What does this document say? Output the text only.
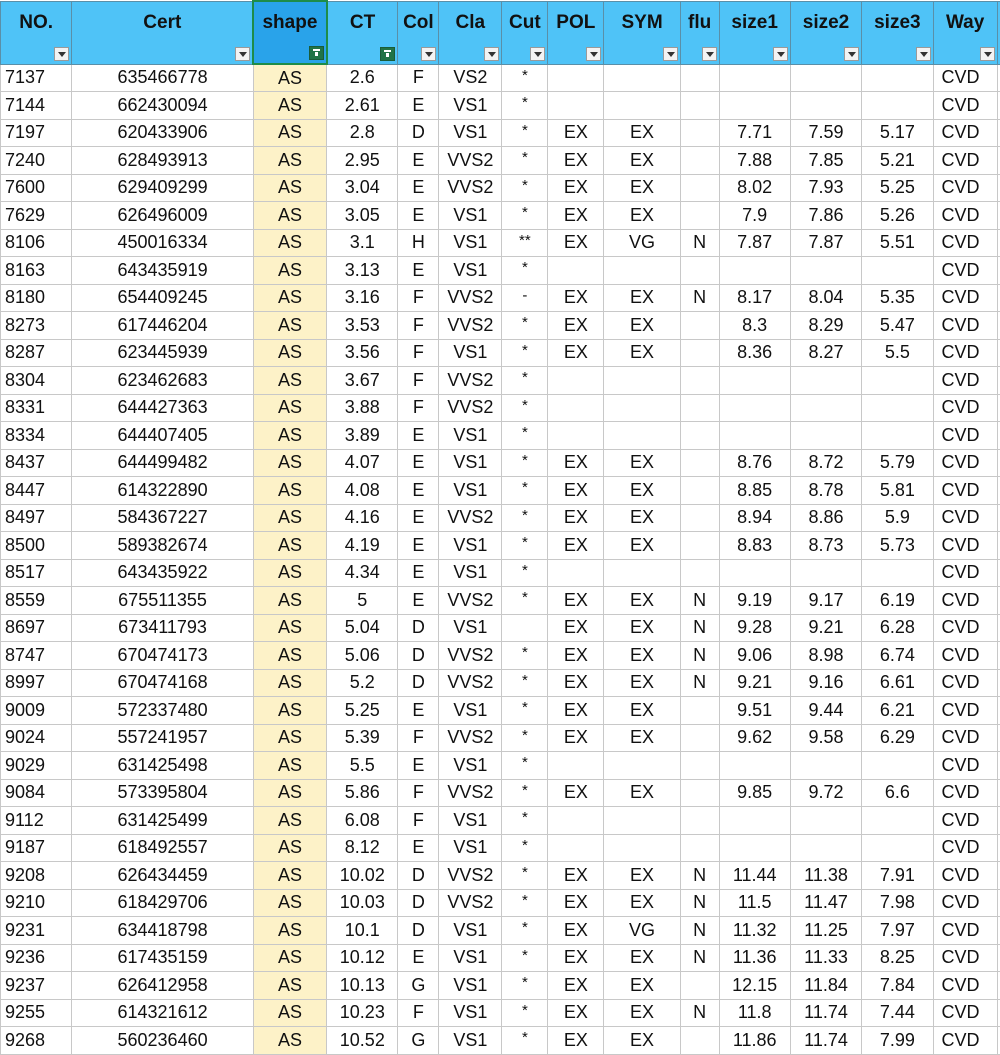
NO.	Cert	shape	CT	Col	Cla	Cut	POL	SYM	flu	size1	size2	size3	Way	

7137	635466778	AS	2.6	F	VS2	*							CVD	
7144	662430094	AS	2.61	E	VS1	*							CVD	
7197	620433906	AS	2.8	D	VS1	*	EX	EX		7.71	7.59	5.17	CVD	
7240	628493913	AS	2.95	E	VVS2	*	EX	EX		7.88	7.85	5.21	CVD	
7600	629409299	AS	3.04	E	VVS2	*	EX	EX		8.02	7.93	5.25	CVD	
7629	626496009	AS	3.05	E	VS1	*	EX	EX		7.9	7.86	5.26	CVD	
8106	450016334	AS	3.1	H	VS1	**	EX	VG	N	7.87	7.87	5.51	CVD	
8163	643435919	AS	3.13	E	VS1	*							CVD	
8180	654409245	AS	3.16	F	VVS2	-	EX	EX	N	8.17	8.04	5.35	CVD	
8273	617446204	AS	3.53	F	VVS2	*	EX	EX		8.3	8.29	5.47	CVD	
8287	623445939	AS	3.56	F	VS1	*	EX	EX		8.36	8.27	5.5	CVD	
8304	623462683	AS	3.67	F	VVS2	*							CVD	
8331	644427363	AS	3.88	F	VVS2	*							CVD	
8334	644407405	AS	3.89	E	VS1	*							CVD	
8437	644499482	AS	4.07	E	VS1	*	EX	EX		8.76	8.72	5.79	CVD	
8447	614322890	AS	4.08	E	VS1	*	EX	EX		8.85	8.78	5.81	CVD	
8497	584367227	AS	4.16	E	VVS2	*	EX	EX		8.94	8.86	5.9	CVD	
8500	589382674	AS	4.19	E	VS1	*	EX	EX		8.83	8.73	5.73	CVD	
8517	643435922	AS	4.34	E	VS1	*							CVD	
8559	675511355	AS	5	E	VVS2	*	EX	EX	N	9.19	9.17	6.19	CVD	
8697	673411793	AS	5.04	D	VS1		EX	EX	N	9.28	9.21	6.28	CVD	
8747	670474173	AS	5.06	D	VVS2	*	EX	EX	N	9.06	8.98	6.74	CVD	
8997	670474168	AS	5.2	D	VVS2	*	EX	EX	N	9.21	9.16	6.61	CVD	
9009	572337480	AS	5.25	E	VS1	*	EX	EX		9.51	9.44	6.21	CVD	
9024	557241957	AS	5.39	F	VVS2	*	EX	EX		9.62	9.58	6.29	CVD	
9029	631425498	AS	5.5	E	VS1	*							CVD	
9084	573395804	AS	5.86	F	VVS2	*	EX	EX		9.85	9.72	6.6	CVD	
9112	631425499	AS	6.08	F	VS1	*							CVD	
9187	618492557	AS	8.12	E	VS1	*							CVD	
9208	626434459	AS	10.02	D	VVS2	*	EX	EX	N	11.44	11.38	7.91	CVD	
9210	618429706	AS	10.03	D	VVS2	*	EX	EX	N	11.5	11.47	7.98	CVD	
9231	634418798	AS	10.1	D	VS1	*	EX	VG	N	11.32	11.25	7.97	CVD	
9236	617435159	AS	10.12	E	VS1	*	EX	EX	N	11.36	11.33	8.25	CVD	
9237	626412958	AS	10.13	G	VS1	*	EX	EX		12.15	11.84	7.84	CVD	
9255	614321612	AS	10.23	F	VS1	*	EX	EX	N	11.8	11.74	7.44	CVD	
9268	560236460	AS	10.52	G	VS1	*	EX	EX		11.86	11.74	7.99	CVD	
